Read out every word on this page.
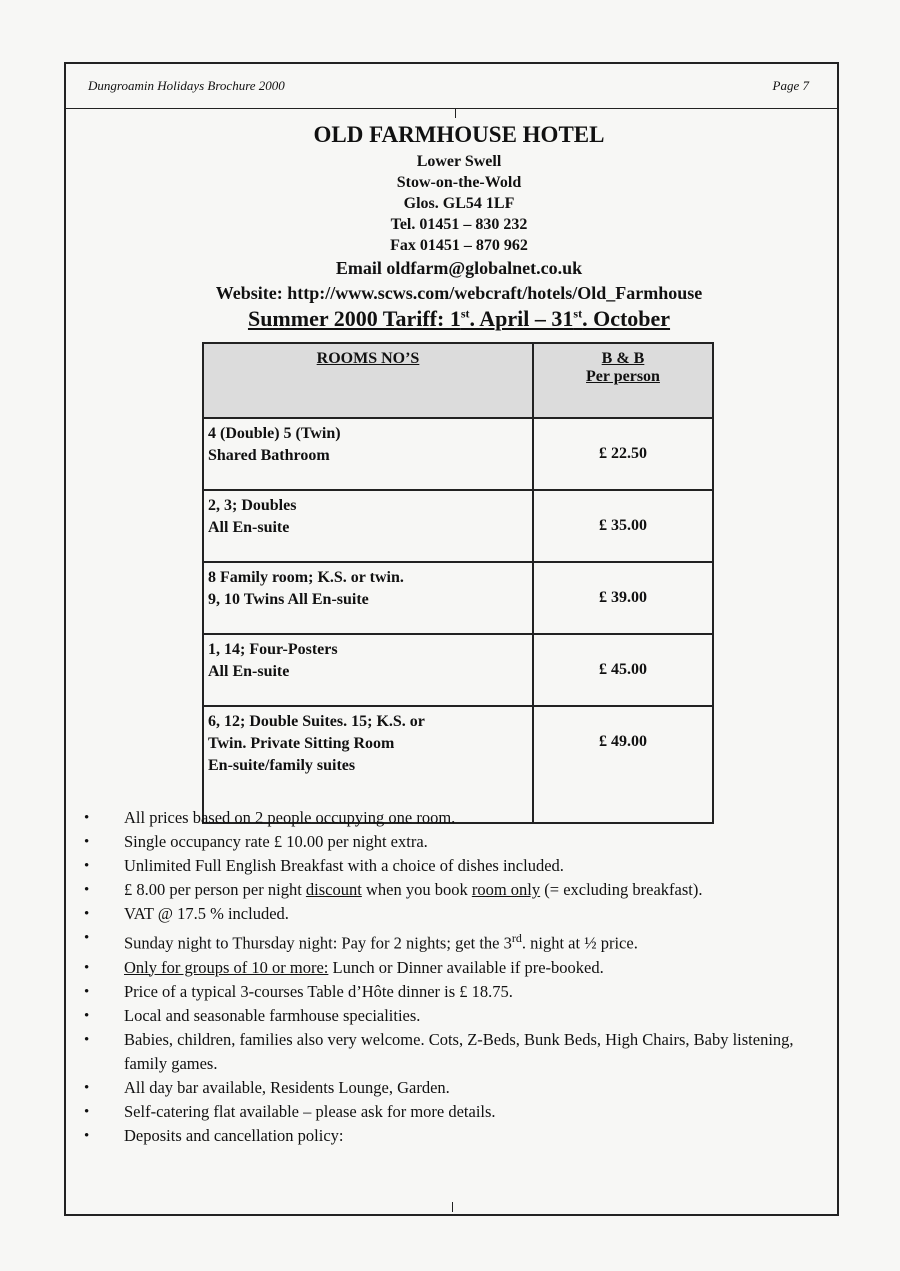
Dungroamin Holidays Brochure 2000	Page 7
OLD FARMHOUSE HOTEL
Lower Swell
Stow-on-the-Wold
Glos. GL54 1LF
Tel. 01451 – 830 232
Fax 01451 – 870 962
Email oldfarm@globalnet.co.uk
Website: http://www.scws.com/webcraft/hotels/Old_Farmhouse
Summer 2000 Tariff: 1st. April – 31st. October
ROOMS NO’S	B & B
Per person
4 (Double) 5 (Twin)
Shared Bathroom	£ 22.50
2, 3; Doubles
All En-suite	£ 35.00
8 Family room; K.S. or twin.
9, 10 Twins All En-suite	£ 39.00
1, 14; Four-Posters
All En-suite	£ 45.00
6, 12; Double Suites. 15; K.S. or
Twin. Private Sitting Room
En-suite/family suites	£ 49.00
• All prices based on 2 people occupying one room.
• Single occupancy rate £ 10.00 per night extra.
• Unlimited Full English Breakfast with a choice of dishes included.
• £ 8.00 per person per night discount when you book room only (= excluding breakfast).
• VAT @ 17.5 % included.
• Sunday night to Thursday night: Pay for 2 nights; get the 3rd. night at ½ price.
• Only for groups of 10 or more: Lunch or Dinner available if pre-booked.
• Price of a typical 3-courses Table d’Hôte dinner is £ 18.75.
• Local and seasonable farmhouse specialities.
• Babies, children, families also very welcome. Cots, Z-Beds, Bunk Beds, High Chairs, Baby listening, family games.
• All day bar available, Residents Lounge, Garden.
• Self-catering flat available – please ask for more details.
• Deposits and cancellation policy:
